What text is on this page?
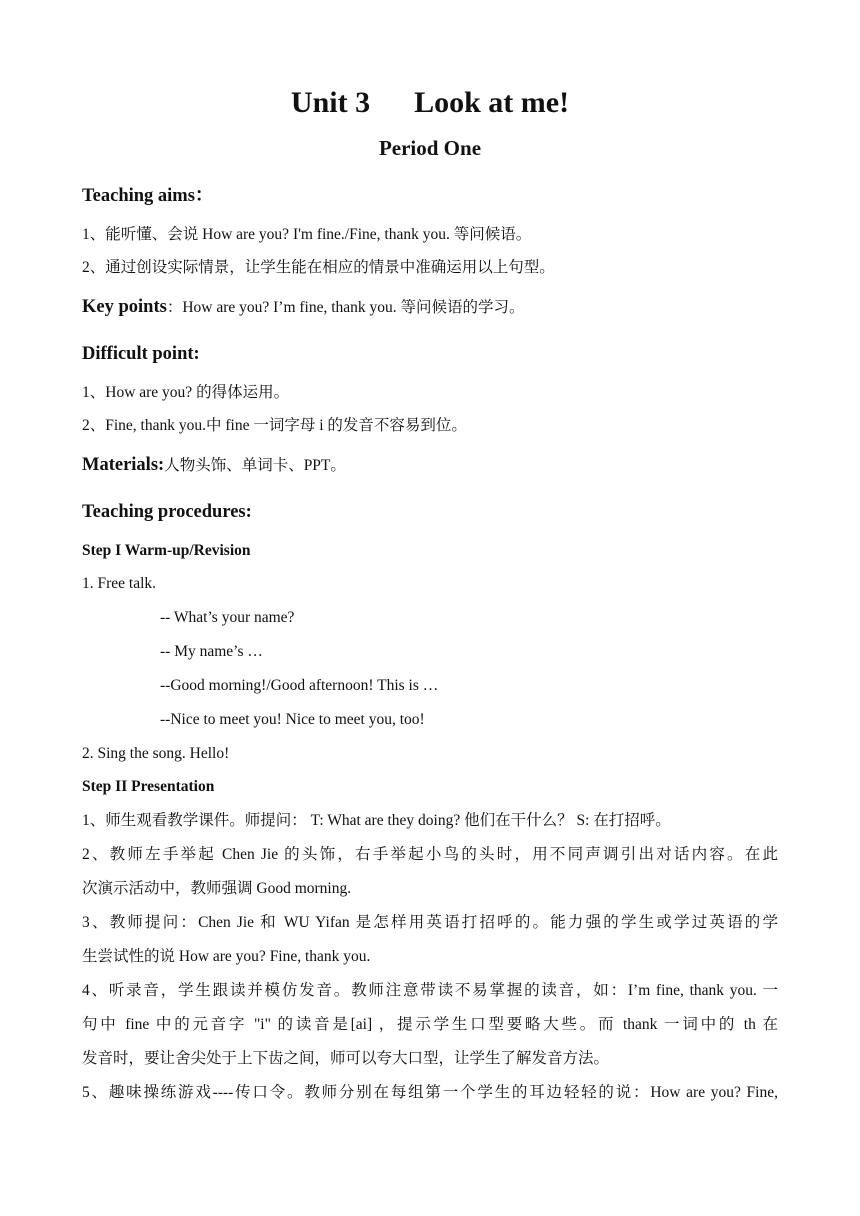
Unit 3 Look at me!
Period One
Teaching aims：
1、能听懂、会说 How are you? I'm fine./Fine, thank you. 等问候语。
2、通过创设实际情景，让学生能在相应的情景中准确运用以上句型。
Key points：How are you? I’m fine, thank you. 等问候语的学习。
Difficult point:
1、How are you? 的得体运用。
2、Fine, thank you.中 fine 一词字母 i 的发音不容易到位。
Materials:人物头饰、单词卡、PPT。
Teaching procedures:
Step I Warm-up/Revision
1. Free talk.
-- What’s your name?
-- My name’s …
--Good morning!/Good afternoon! This is …
--Nice to meet you! Nice to meet you, too!
2. Sing the song. Hello!
Step II Presentation
1、师生观看教学课件。师提问： T: What are they doing? 他们在干什么？ S: 在打招呼。
2、教师左手举起 Chen Jie 的头饰，右手举起小鸟的头时，用不同声调引出对话内容。在此
次演示活动中，教师强调 Good morning.
3、教师提问：Chen Jie 和 WU Yifan 是怎样用英语打招呼的。能力强的学生或学过英语的学
生尝试性的说 How are you? Fine, thank you.
4、听录音，学生跟读并模仿发音。教师注意带读不易掌握的读音，如：I’m fine, thank you. 一
句中 fine 中的元音字 "i" 的读音是[ai] ，提示学生口型要略大些。而 thank 一词中的 th 在
发音时，要让舍尖处于上下齿之间，师可以夸大口型，让学生了解发音方法。
5、趣味操练游戏----传口令。教师分别在每组第一个学生的耳边轻轻的说：How are you? Fine,
